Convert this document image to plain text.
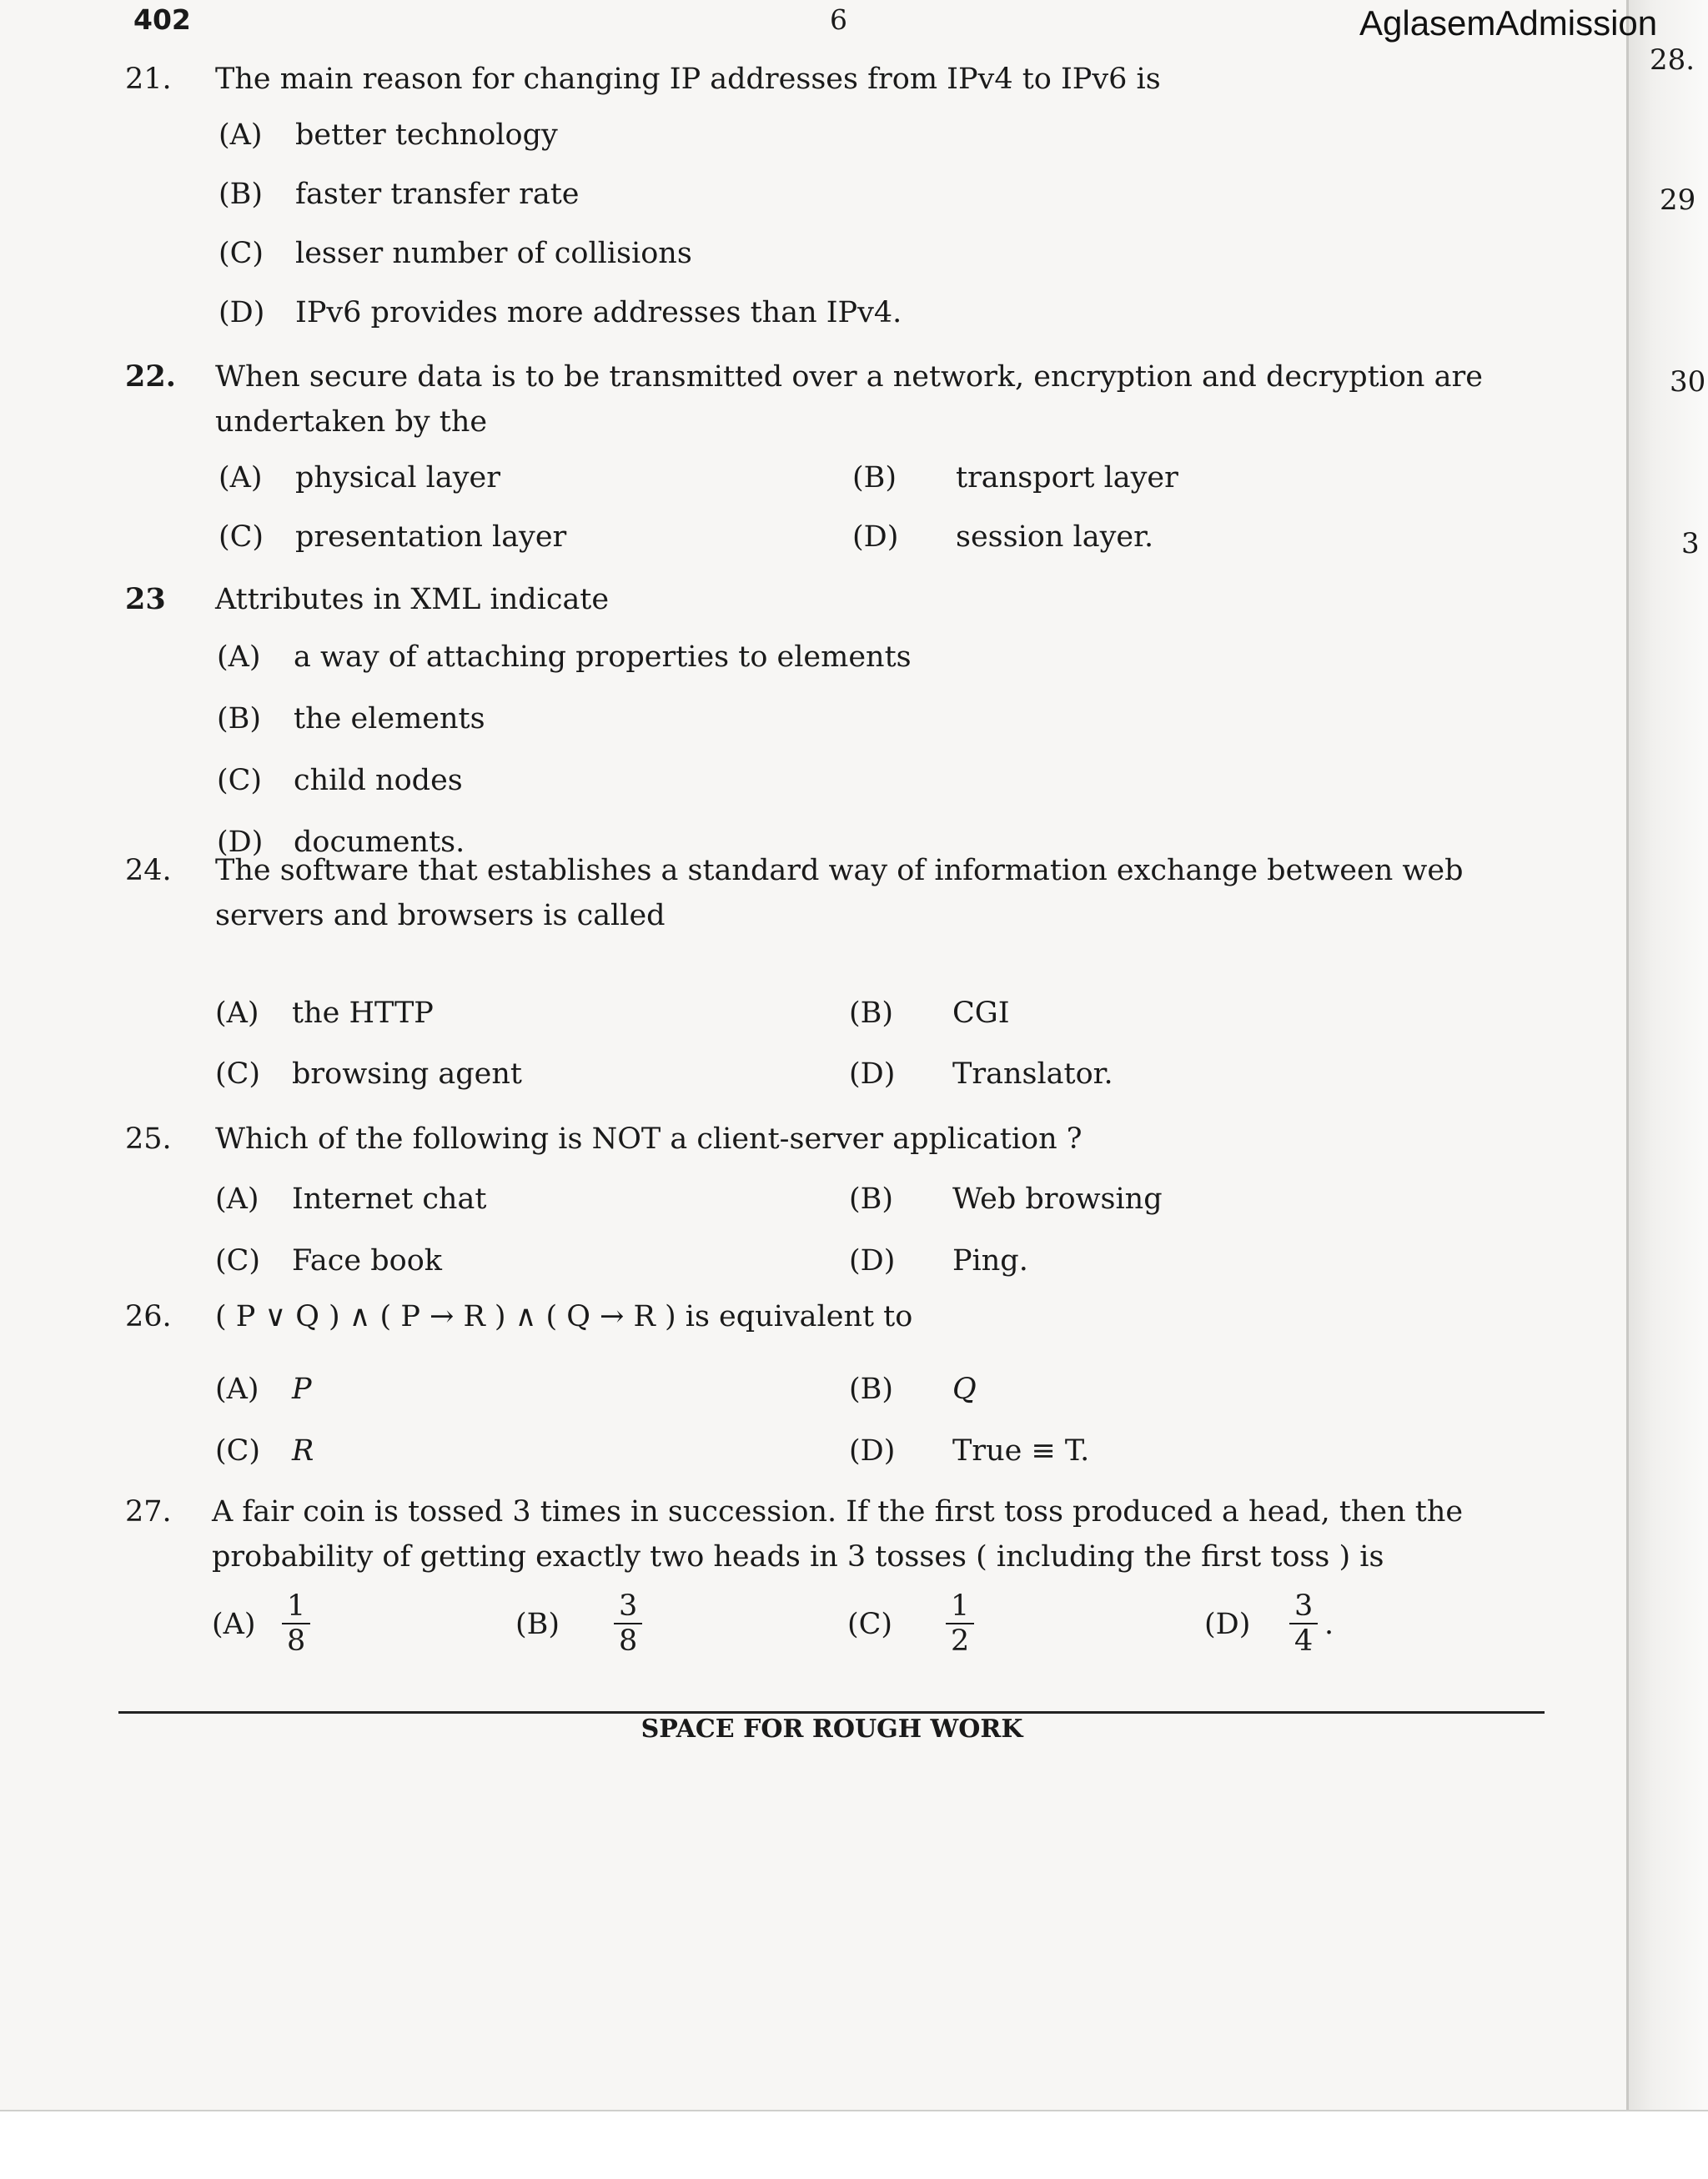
402	6	AglasemAdmission
28.
29
30
3
21. The main reason for changing IP addresses from IPv4 to IPv6 is
(A) better technology
(B) faster transfer rate
(C) lesser number of collisions
(D) IPv6 provides more addresses than IPv4.
22. When secure data is to be transmitted over a network, encryption and decryption are undertaken by the
(A) physical layer	(B) transport layer
(C) presentation layer	(D) session layer.
23 Attributes in XML indicate
(A) a way of attaching properties to elements
(B) the elements
(C) child nodes
(D) documents.
24. The software that establishes a standard way of information exchange between web servers and browsers is called
(A) the HTTP	(B) CGI
(C) browsing agent	(D) Translator.
25. Which of the following is NOT a client-server application ?
(A) Internet chat	(B) Web browsing
(C) Face book	(D) Ping.
26. ( P ∨ Q ) ∧ ( P → R ) ∧ ( Q → R ) is equivalent to
(A) P	(B) Q
(C) R	(D) True ≡ T.
27. A fair coin is tossed 3 times in succession. If the first toss produced a head, then the probability of getting exactly two heads in 3 tosses ( including the first toss ) is
$(A) \frac{1}{8}$	$(B) \frac{3}{8}$	$(C) \frac{1}{2}$	$(D) \frac{3}{4}$ .
SPACE FOR ROUGH WORK
